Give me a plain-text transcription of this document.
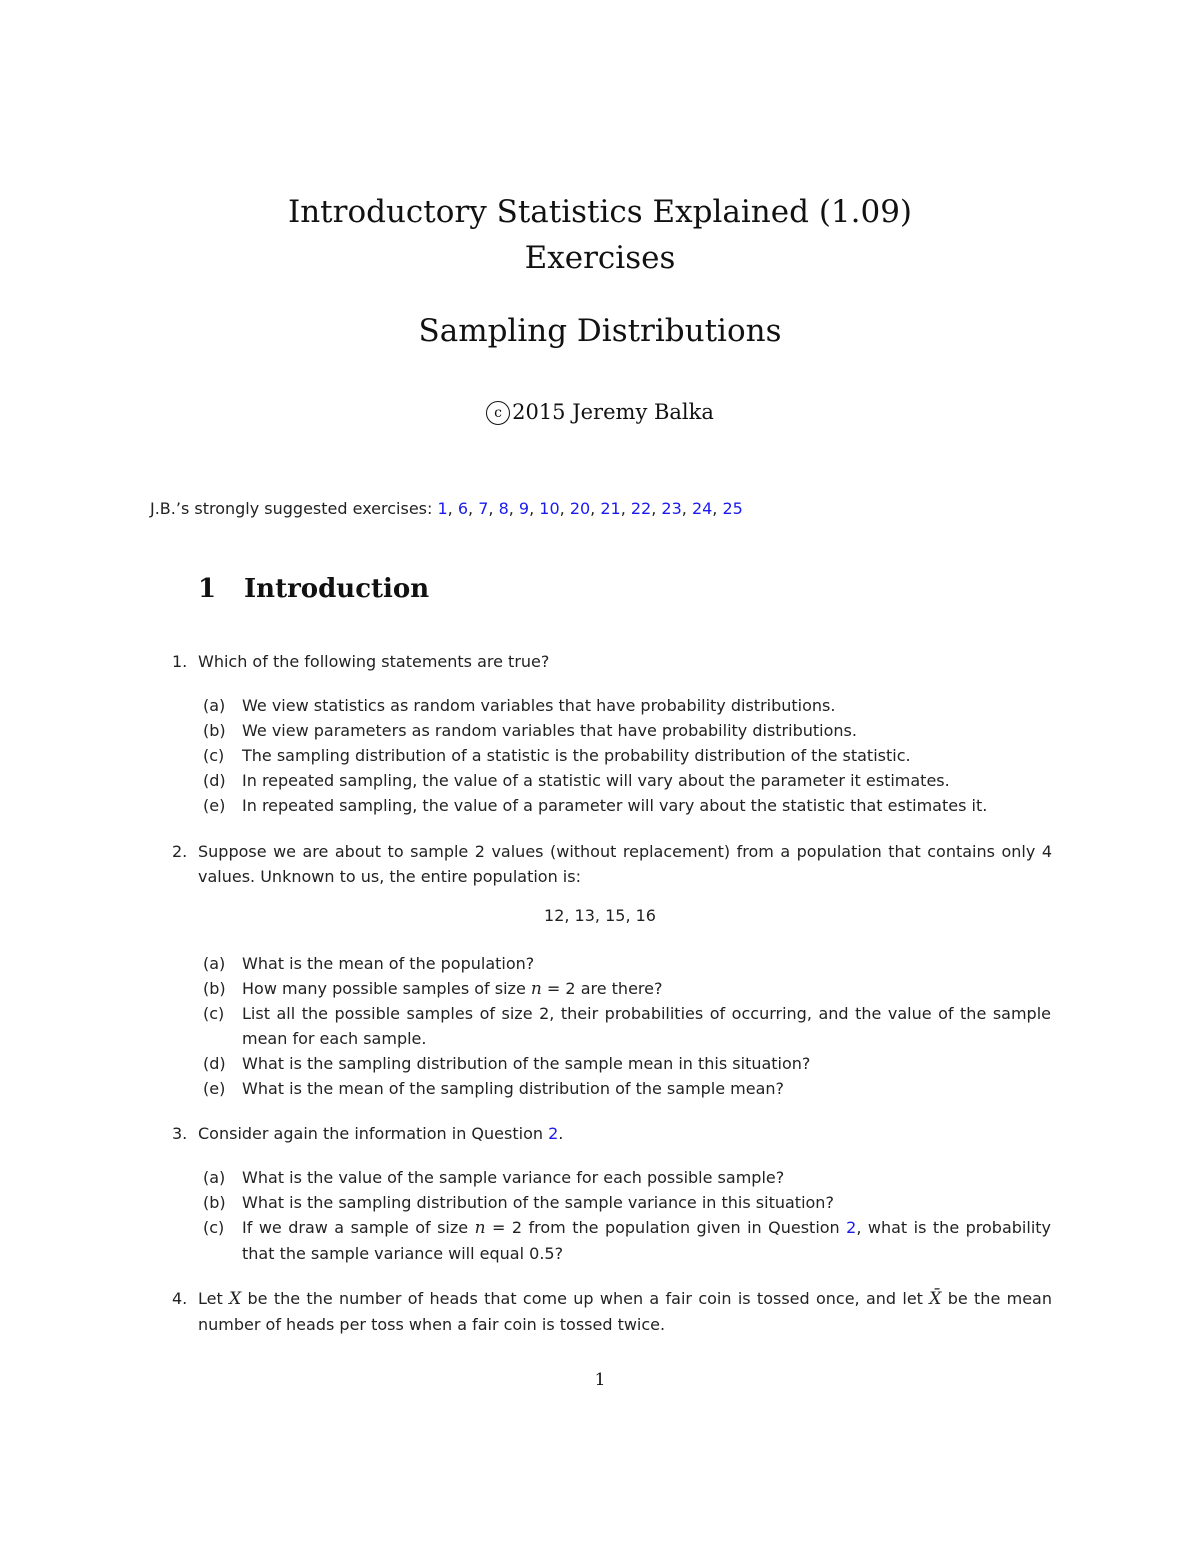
Introductory Statistics Explained (1.09)
Exercises
Sampling Distributions
c 2015 Jeremy Balka
J.B.’s strongly suggested exercises: 1, 6, 7, 8, 9, 10, 20, 21, 22, 23, 24, 25
1 Introduction
1. Which of the following statements are true?
(a) We view statistics as random variables that have probability distributions.
(b) We view parameters as random variables that have probability distributions.
(c) The sampling distribution of a statistic is the probability distribution of the statistic.
(d) In repeated sampling, the value of a statistic will vary about the parameter it estimates.
(e) In repeated sampling, the value of a parameter will vary about the statistic that estimates it.
2. Suppose we are about to sample 2 values (without replacement) from a population that contains only 4 values. Unknown to us, the entire population is:
12, 13, 15, 16
(a) What is the mean of the population?
(b) How many possible samples of size n = 2 are there?
(c) List all the possible samples of size 2, their probabilities of occurring, and the value of the sample mean for each sample.
(d) What is the sampling distribution of the sample mean in this situation?
(e) What is the mean of the sampling distribution of the sample mean?
3. Consider again the information in Question 2.
(a) What is the value of the sample variance for each possible sample?
(b) What is the sampling distribution of the sample variance in this situation?
(c) If we draw a sample of size n = 2 from the population given in Question 2, what is the probability that the sample variance will equal 0.5?
4. Let X be the the number of heads that come up when a fair coin is tossed once, and let X̄ be the mean number of heads per toss when a fair coin is tossed twice.
1
